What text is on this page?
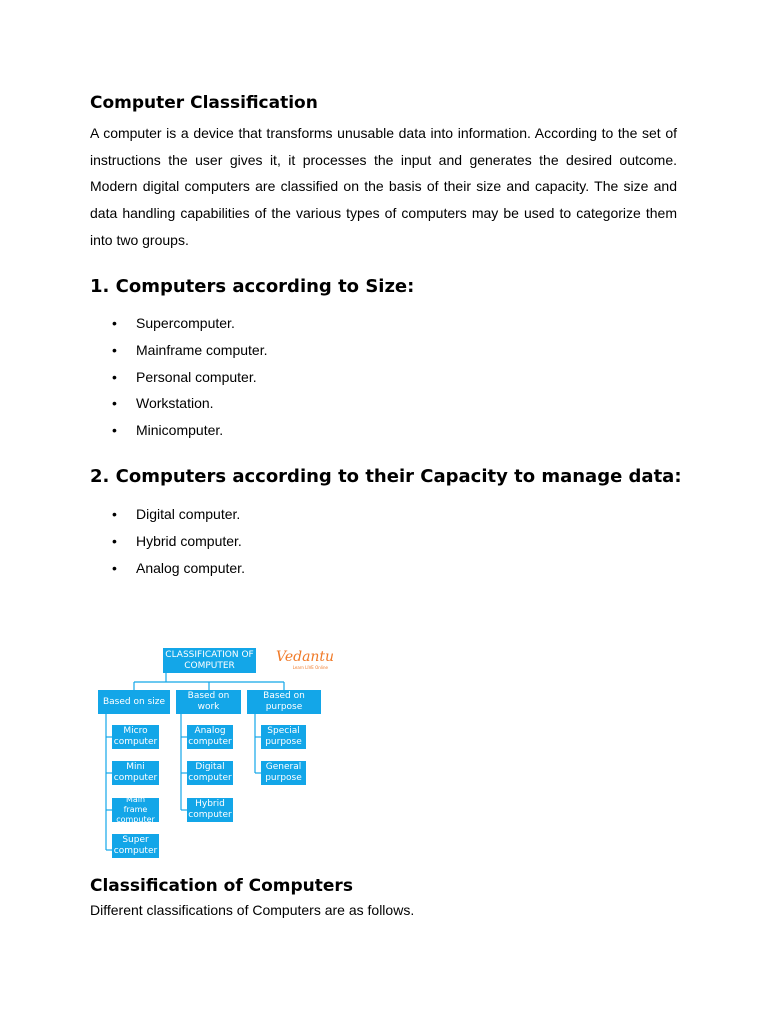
Computer Classification

A computer is a device that transforms unusable data into information. According to the set of instructions the user gives it, it processes the input and generates the desired outcome. Modern digital computers are classified on the basis of their size and capacity. The size and data handling capabilities of the various types of computers may be used to categorize them into two groups.

1. Computers according to Size:
• Supercomputer.
• Mainframe computer.
• Personal computer.
• Workstation.
• Minicomputer.
2. Computers according to their Capacity to manage data:
• Digital computer.
• Hybrid computer.
• Analog computer.
CLASSIFICATION OF COMPUTER
Vedantu
Learn LIVE Online
Based on size
Based on work
Based on purpose
Micro computer
Mini computer
Main frame computer
Super computer
Analog computer
Digital computer
Hybrid computer
Special purpose
General purpose
Classification of Computers

Different classifications of Computers are as follows.
